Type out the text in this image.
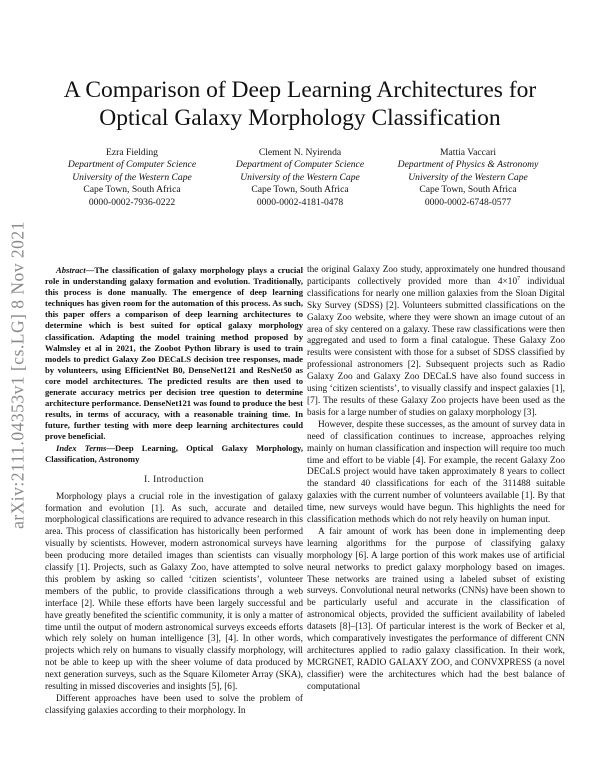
arXiv:2111.04353v1 [cs.LG] 8 Nov 2021
A Comparison of Deep Learning Architectures for Optical Galaxy Morphology Classification
Ezra Fielding
Department of Computer Science
University of the Western Cape
Cape Town, South Africa
0000-0002-7936-0222
Clement N. Nyirenda
Department of Computer Science
University of the Western Cape
Cape Town, South Africa
0000-0002-4181-0478
Mattia Vaccari
Department of Physics & Astronomy
University of the Western Cape
Cape Town, South Africa
0000-0002-6748-0577

Abstract—The classification of galaxy morphology plays a crucial role in understanding galaxy formation and evolution. Traditionally, this process is done manually. The emergence of deep learning techniques has given room for the automation of this process. As such, this paper offers a comparison of deep learning architectures to determine which is best suited for optical galaxy morphology classification. Adapting the model training method proposed by Walmsley et al in 2021, the Zoobot Python library is used to train models to predict Galaxy Zoo DECaLS decision tree responses, made by volunteers, using EfficientNet B0, DenseNet121 and ResNet50 as core model architectures. The predicted results are then used to generate accuracy metrics per decision tree question to determine architecture performance. DenseNet121 was found to produce the best results, in terms of accuracy, with a reasonable training time. In future, further testing with more deep learning architectures could prove beneficial.

Index Terms—Deep Learning, Optical Galaxy Morphology, Classification, Astronomy

I. Introduction

Morphology plays a crucial role in the investigation of galaxy formation and evolution [1]. As such, accurate and detailed morphological classifications are required to advance research in this area. This process of classification has historically been performed visually by scientists. However, modern astronomical surveys have been producing more detailed images than scientists can visually classify [1]. Projects, such as Galaxy Zoo, have attempted to solve this problem by asking so called ‘citizen scientists’, volunteer members of the public, to provide classifications through a web interface [2]. While these efforts have been largely successful and have greatly benefited the scientific community, it is only a matter of time until the output of modern astronomical surveys exceeds efforts which rely solely on human intelligence [3], [4]. In other words, projects which rely on humans to visually classify morphology, will not be able to keep up with the sheer volume of data produced by next generation surveys, such as the Square Kilometer Array (SKA), resulting in missed discoveries and insights [5], [6].

Different approaches have been used to solve the problem of classifying galaxies according to their morphology. In

the original Galaxy Zoo study, approximately one hundred thousand participants collectively provided more than $4\times 10^7$ individual classifications for nearly one million galaxies from the Sloan Digital Sky Survey (SDSS) [2]. Volunteers submitted classifications on the Galaxy Zoo website, where they were shown an image cutout of an area of sky centered on a galaxy. These raw classifications were then aggregated and used to form a final catalogue. These Galaxy Zoo results were consistent with those for a subset of SDSS classified by professional astronomers [2]. Subsequent projects such as Radio Galaxy Zoo and Galaxy Zoo DECaLS have also found success in using ‘citizen scientists’, to visually classify and inspect galaxies [1], [7]. The results of these Galaxy Zoo projects have been used as the basis for a large number of studies on galaxy morphology [3].

However, despite these successes, as the amount of survey data in need of classification continues to increase, approaches relying mainly on human classification and inspection will require too much time and effort to be viable [4]. For example, the recent Galaxy Zoo DECaLS project would have taken approximately 8 years to collect the standard 40 classifications for each of the 311488 suitable galaxies with the current number of volunteers available [1]. By that time, new surveys would have begun. This highlights the need for classification methods which do not rely heavily on human input.

A fair amount of work has been done in implementing deep learning algorithms for the purpose of classifying galaxy morphology [6]. A large portion of this work makes use of artificial neural networks to predict galaxy morphology based on images. These networks are trained using a labeled subset of existing surveys. Convolutional neural networks (CNNs) have been shown to be particularly useful and accurate in the classification of astronomical objects, provided the sufficient availability of labeled datasets [8]–[13]. Of particular interest is the work of Becker et al, which comparatively investigates the performance of different CNN architectures applied to radio galaxy classification. In their work, MCRGNET, RADIO GALAXY ZOO, and CONVXPRESS (a novel classifier) were the architectures which had the best balance of computational
